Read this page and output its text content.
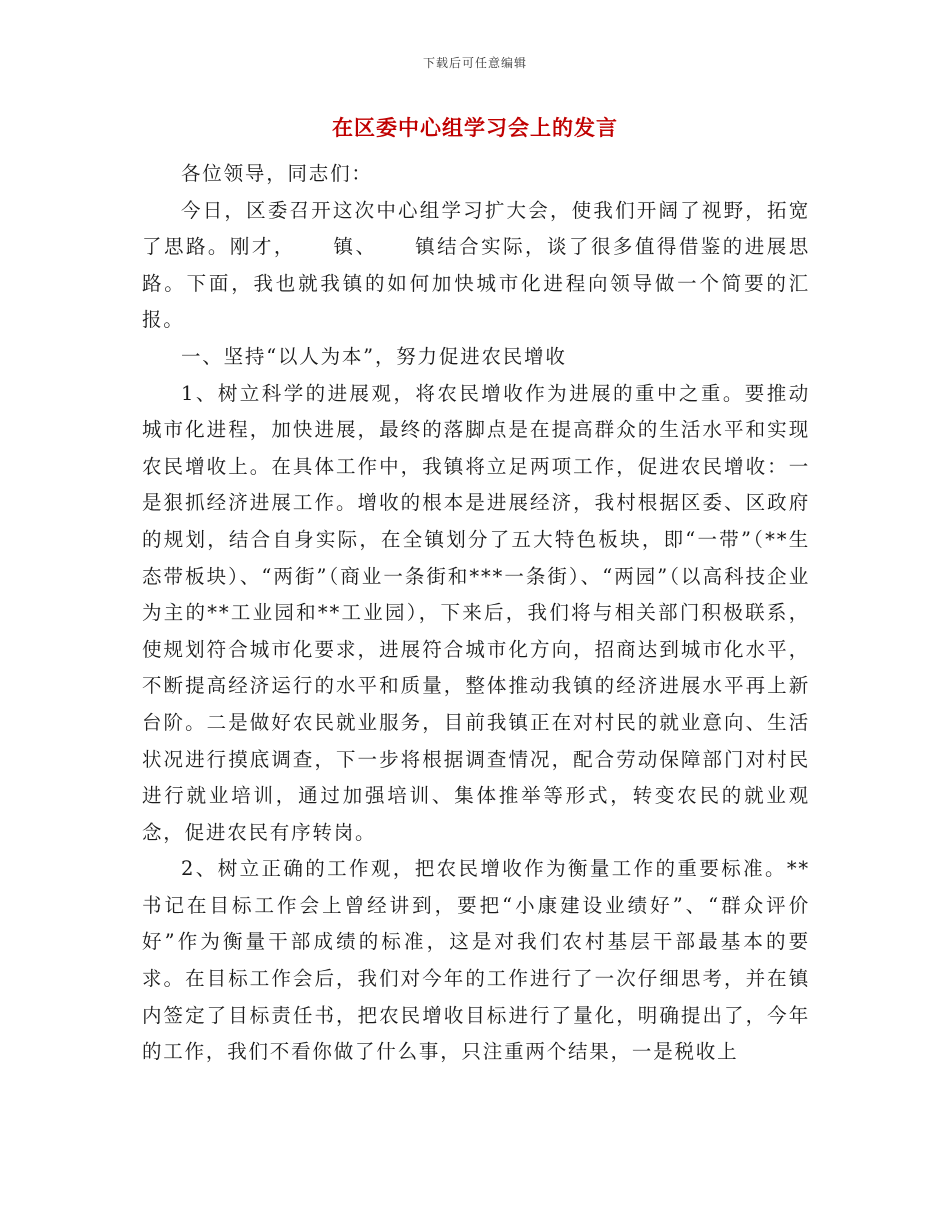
下载后可任意编辑
在区委中心组学习会上的发言

各位领导，同志们：

今日，区委召开这次中心组学习扩大会，使我们开阔了视野，拓宽了思路。刚才， 镇、 镇结合实际，谈了很多值得借鉴的进展思路。下面，我也就我镇的如何加快城市化进程向领导做一个简要的汇报。

一、坚持“以人为本”，努力促进农民增收

1、树立科学的进展观，将农民增收作为进展的重中之重。要推动城市化进程，加快进展，最终的落脚点是在提高群众的生活水平和实现农民增收上。在具体工作中，我镇将立足两项工作，促进农民增收：一是狠抓经济进展工作。增收的根本是进展经济，我村根据区委、区政府的规划，结合自身实际，在全镇划分了五大特色板块，即“一带”（**生态带板块）、“两街”（商业一条街和***一条街）、“两园”（以高科技企业为主的**工业园和**工业园），下来后，我们将与相关部门积极联系，使规划符合城市化要求，进展符合城市化方向，招商达到城市化水平，不断提高经济运行的水平和质量，整体推动我镇的经济进展水平再上新台阶。二是做好农民就业服务，目前我镇正在对村民的就业意向、生活状况进行摸底调查，下一步将根据调查情况，配合劳动保障部门对村民进行就业培训，通过加强培训、集体推举等形式，转变农民的就业观念，促进农民有序转岗。

2、树立正确的工作观，把农民增收作为衡量工作的重要标准。**书记在目标工作会上曾经讲到，要把“小康建设业绩好”、“群众评价好”作为衡量干部成绩的标准，这是对我们农村基层干部最基本的要求。在目标工作会后，我们对今年的工作进行了一次仔细思考，并在镇内签定了目标责任书，把农民增收目标进行了量化，明确提出了，今年的工作，我们不看你做了什么事，只注重两个结果，一是税收上
